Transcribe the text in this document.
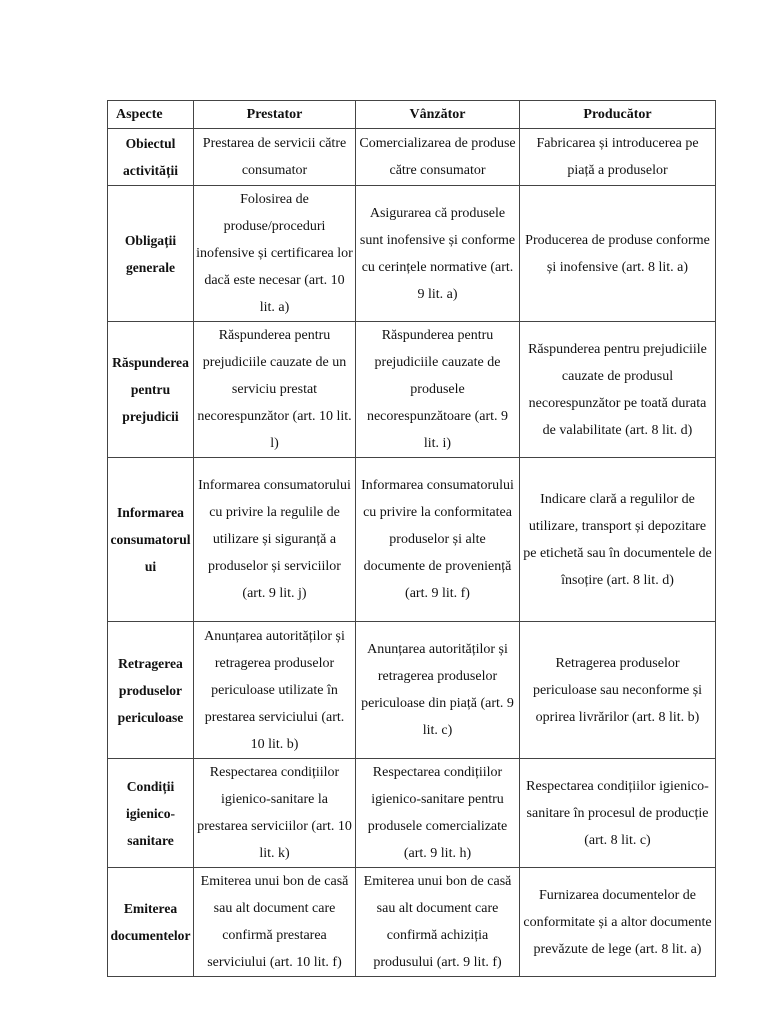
Aspecte	Prestator	Vânzător	Producător
Obiectul activității	Prestarea de servicii către consumator	Comercializarea de produse către consumator	Fabricarea și introducerea pe piață a produselor
Obligații generale	Folosirea de produse/proceduri inofensive și certificarea lor dacă este necesar (art. 10 lit. a)	Asigurarea că produsele sunt inofensive și conforme cu cerințele normative (art. 9 lit. a)	Producerea de produse conforme și inofensive (art. 8 lit. a)
Răspunderea pentru prejudicii	Răspunderea pentru prejudiciile cauzate de un serviciu prestat necorespunzător (art. 10 lit. l)	Răspunderea pentru prejudiciile cauzate de produsele necorespunzătoare (art. 9 lit. i)	Răspunderea pentru prejudiciile cauzate de produsul necorespunzător pe toată durata de valabilitate (art. 8 lit. d)
Informarea consumatorului	Informarea consumatorului cu privire la regulile de utilizare și siguranță a produselor și serviciilor (art. 9 lit. j)	Informarea consumatorului cu privire la conformitatea produselor și alte documente de proveniență (art. 9 lit. f)	Indicare clară a regulilor de utilizare, transport și depozitare pe etichetă sau în documentele de însoțire (art. 8 lit. d)
Retragerea produselor periculoase	Anunțarea autorităților și retragerea produselor periculoase utilizate în prestarea serviciului (art. 10 lit. b)	Anunțarea autorităților și retragerea produselor periculoase din piață (art. 9 lit. c)	Retragerea produselor periculoase sau neconforme și oprirea livrărilor (art. 8 lit. b)
Condiții igienico-sanitare	Respectarea condițiilor igienico-sanitare la prestarea serviciilor (art. 10 lit. k)	Respectarea condițiilor igienico-sanitare pentru produsele comercializate (art. 9 lit. h)	Respectarea condițiilor igienico-sanitare în procesul de producție (art. 8 lit. c)
Emiterea documentelor	Emiterea unui bon de casă sau alt document care confirmă prestarea serviciului (art. 10 lit. f)	Emiterea unui bon de casă sau alt document care confirmă achiziția produsului (art. 9 lit. f)	Furnizarea documentelor de conformitate și a altor documente prevăzute de lege (art. 8 lit. a)
